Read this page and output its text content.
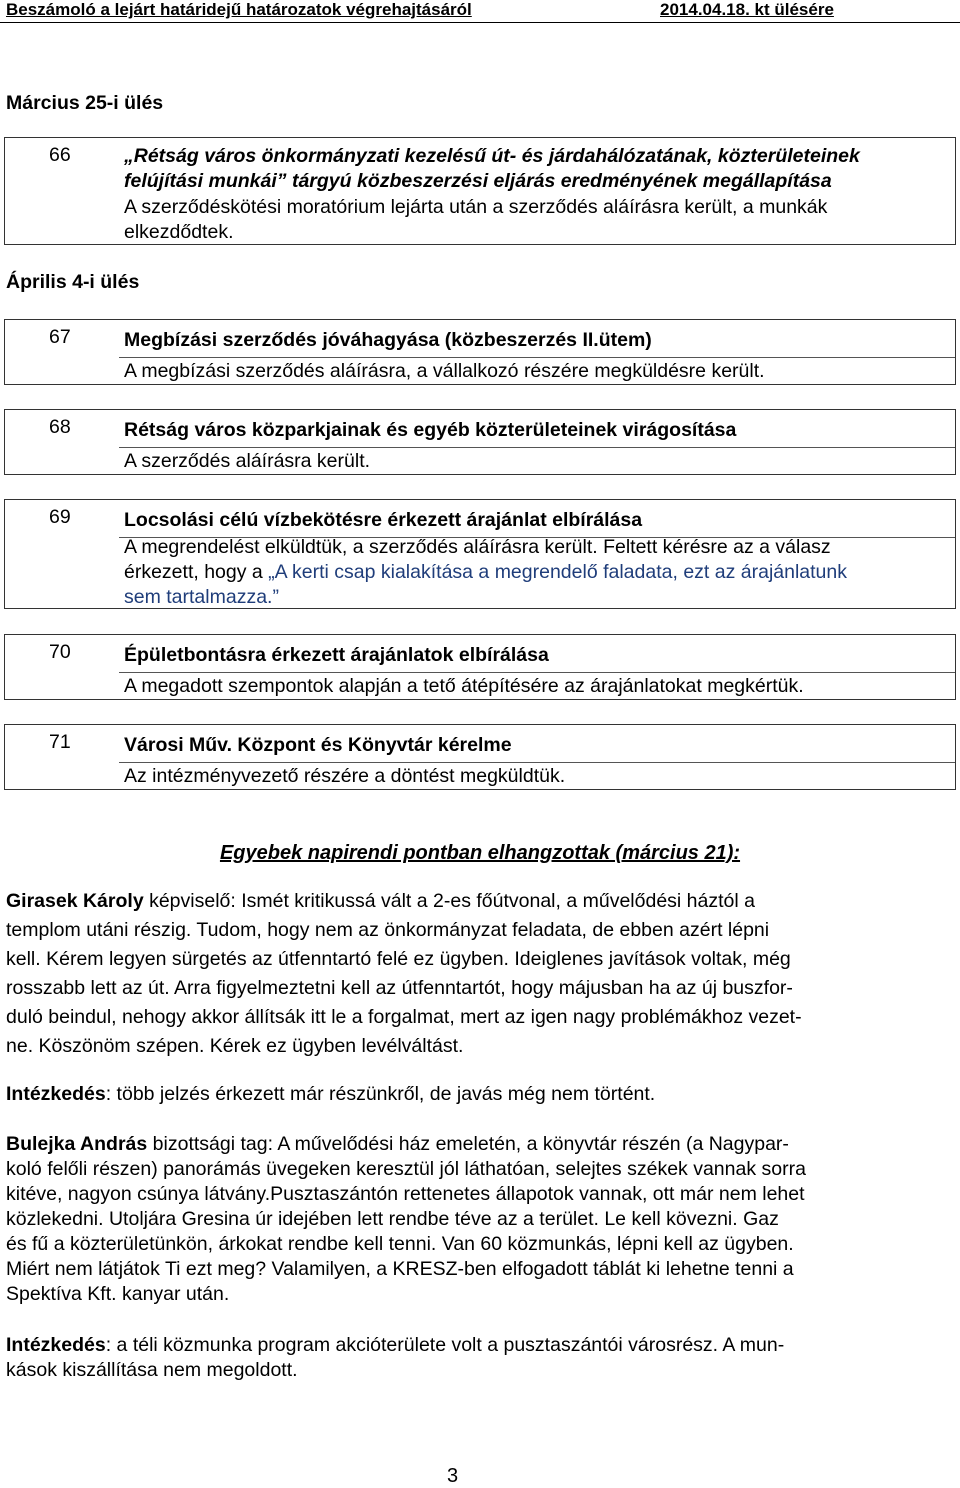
Beszámoló a lejárt határidejű határozatok végrehajtásáról	2014.04.18. kt ülésére
Március 25-i ülés
66	„Rétság város önkormányzati kezelésű út- és járdahálózatának, közterületeinek
felújítási munkái” tárgyú közbeszerzési eljárás eredményének megállapítása
A szerződéskötési moratórium lejárta után a szerződés aláírásra került, a munkák
elkezdődtek.
Április 4-i ülés
67	Megbízási szerződés jóváhagyása (közbeszerzés II.ütem)
A megbízási szerződés aláírásra, a vállalkozó részére megküldésre került.
68	Rétság város közparkjainak és egyéb közterületeinek virágosítása
A szerződés aláírásra került.
69	Locsolási célú vízbekötésre érkezett árajánlat elbírálása
A megrendelést elküldtük, a szerződés aláírásra került. Feltett kérésre az a válasz
érkezett, hogy a „A kerti csap kialakítása a megrendelő faladata, ezt az árajánlatunk
sem tartalmazza.”
70	Épületbontásra érkezett árajánlatok elbírálása
A megadott szempontok alapján a tető átépítésére az árajánlatokat megkértük.
71	Városi Műv. Központ és Könyvtár kérelme
Az intézményvezető részére a döntést megküldtük.
Egyebek napirendi pontban elhangzottak (március 21):
Girasek Károly képviselő: Ismét kritikussá vált a 2-es főútvonal, a művelődési háztól a
templom utáni részig. Tudom, hogy nem az önkormányzat feladata, de ebben azért lépni
kell. Kérem legyen sürgetés az útfenntartó felé ez ügyben. Ideiglenes javítások voltak, még
rosszabb lett az út. Arra figyelmeztetni kell az útfenntartót, hogy májusban ha az új buszfor-
duló beindul, nehogy akkor állítsák itt le a forgalmat, mert az igen nagy problémákhoz vezet-
ne. Köszönöm szépen. Kérek ez ügyben levélváltást.
Intézkedés: több jelzés érkezett már részünkről, de javás még nem történt.
Bulejka András bizottsági tag: A művelődési ház emeletén, a könyvtár részén (a Nagypar-
koló felőli részen) panorámás üvegeken keresztül jól láthatóan, selejtes székek vannak sorra
kitéve, nagyon csúnya látvány.Pusztaszántón rettenetes állapotok vannak, ott már nem lehet
közlekedni. Utoljára Gresina úr idejében lett rendbe téve az a terület. Le kell kövezni. Gaz
és fű a közterületünkön, árkokat rendbe kell tenni. Van 60 közmunkás, lépni kell az ügyben.
Miért nem látjátok Ti ezt meg? Valamilyen, a KRESZ-ben elfogadott táblát ki lehetne tenni a
Spektíva Kft. kanyar után.
Intézkedés: a téli közmunka program akcióterülete volt a pusztaszántói városrész. A mun-
kások kiszállítása nem megoldott.
3
